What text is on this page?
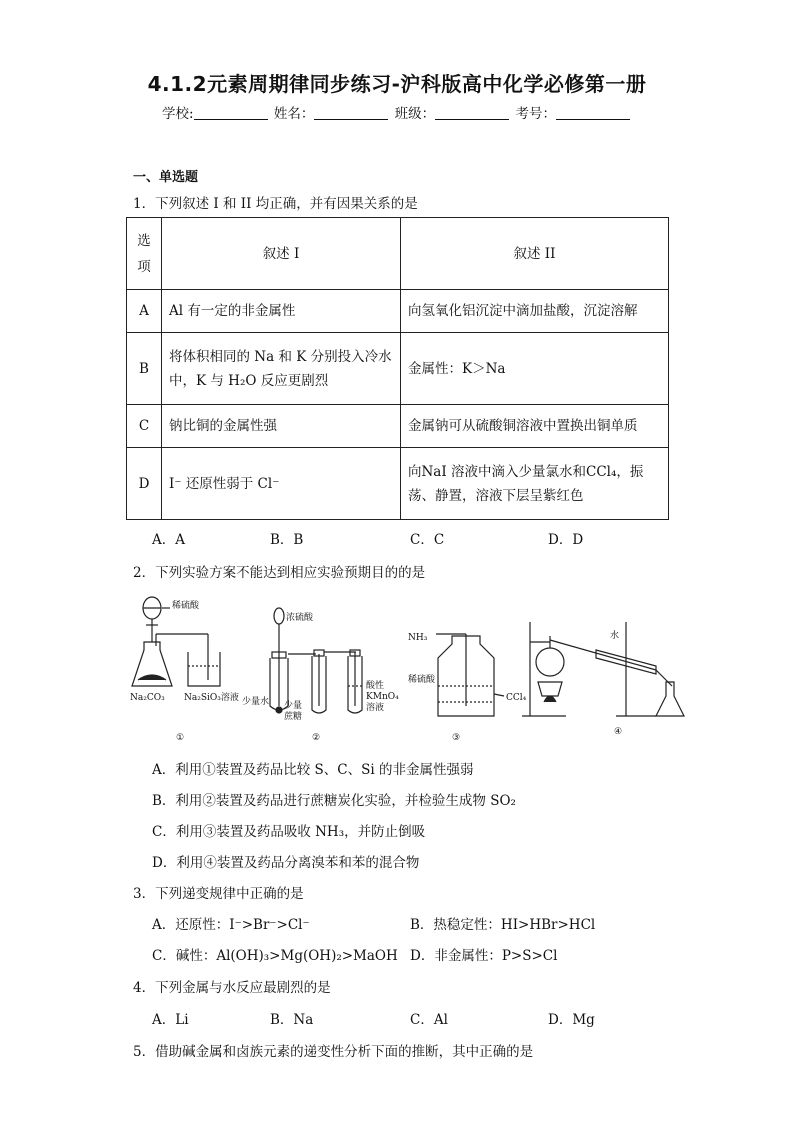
4.1.2元素周期律同步练习-沪科版高中化学必修第一册
学校:	姓名：	班级：	考号：
一、单选题
1．下列叙述 I 和 II 均正确，并有因果关系的是
选项	叙述 I	叙述 II
A	Al 有一定的非金属性	向氢氧化铝沉淀中滴加盐酸，沉淀溶解
B	将体积相同的 Na 和 K 分别投入冷水中，K 与 H₂O 反应更剧烈	金属性：K＞Na
C	钠比铜的金属性强	金属钠可从硫酸铜溶液中置换出铜单质
D	I⁻ 还原性弱于 Cl⁻	向NaI 溶液中滴入少量氯水和CCl₄，振荡、静置，溶液下层呈紫红色
A．A	B．B	C．C	D．D
2．下列实验方案不能达到相应实验预期目的的是
稀硫酸
Na₂CO₃ Na₂SiO₃溶液
①
浓硫酸
少量水 少量
蔗糖
酸性
KMnO₄
溶液
②
NH₃
稀硫酸
CCl₄
③
水
④
A．利用①装置及药品比较 S、C、Si 的非金属性强弱
B．利用②装置及药品进行蔗糖炭化实验，并检验生成物 SO₂
C．利用③装置及药品吸收 NH₃，并防止倒吸
D．利用④装置及药品分离溴苯和苯的混合物
3．下列递变规律中正确的是
A．还原性：I⁻>Br⁻>Cl⁻	B．热稳定性：HI>HBr>HCl
C．碱性：Al(OH)₃>Mg(OH)₂>MaOH D．非金属性：P>S>Cl
4．下列金属与水反应最剧烈的是
A．Li	B．Na	C．Al	D．Mg
5．借助碱金属和卤族元素的递变性分析下面的推断，其中正确的是
